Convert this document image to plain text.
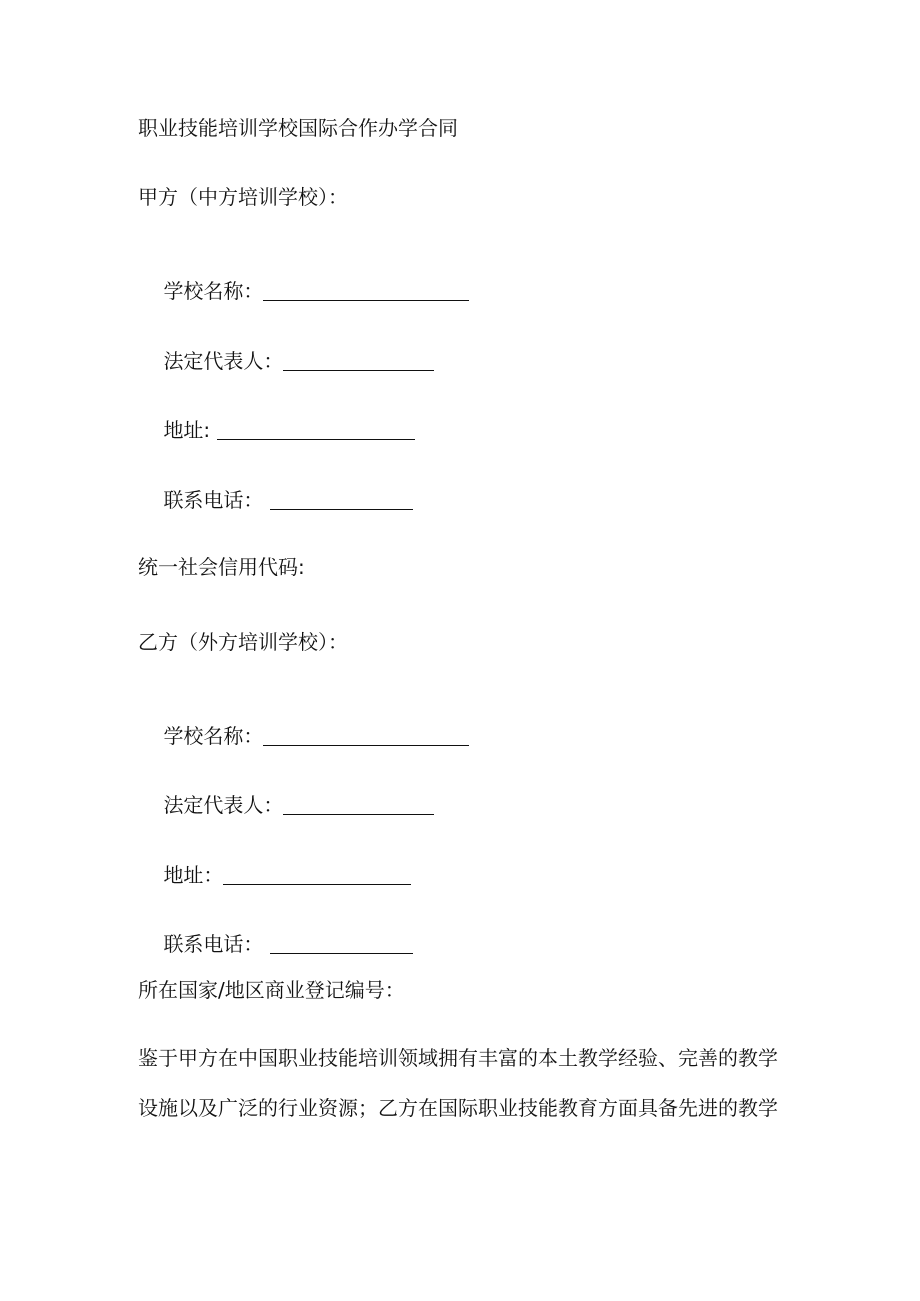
职业技能培训学校国际合作办学合同
甲方（中方培训学校）：

学校名称：

法定代表人：

地址:

联系电话：

统一社会信用代码:
乙方（外方培训学校）：

学校名称：

法定代表人：

地址：

联系电话：

所在国家/地区商业登记编号：
鉴于甲方在中国职业技能培训领域拥有丰富的本土教学经验、完善的教学
设施以及广泛的行业资源；乙方在国际职业技能教育方面具备先进的教学
